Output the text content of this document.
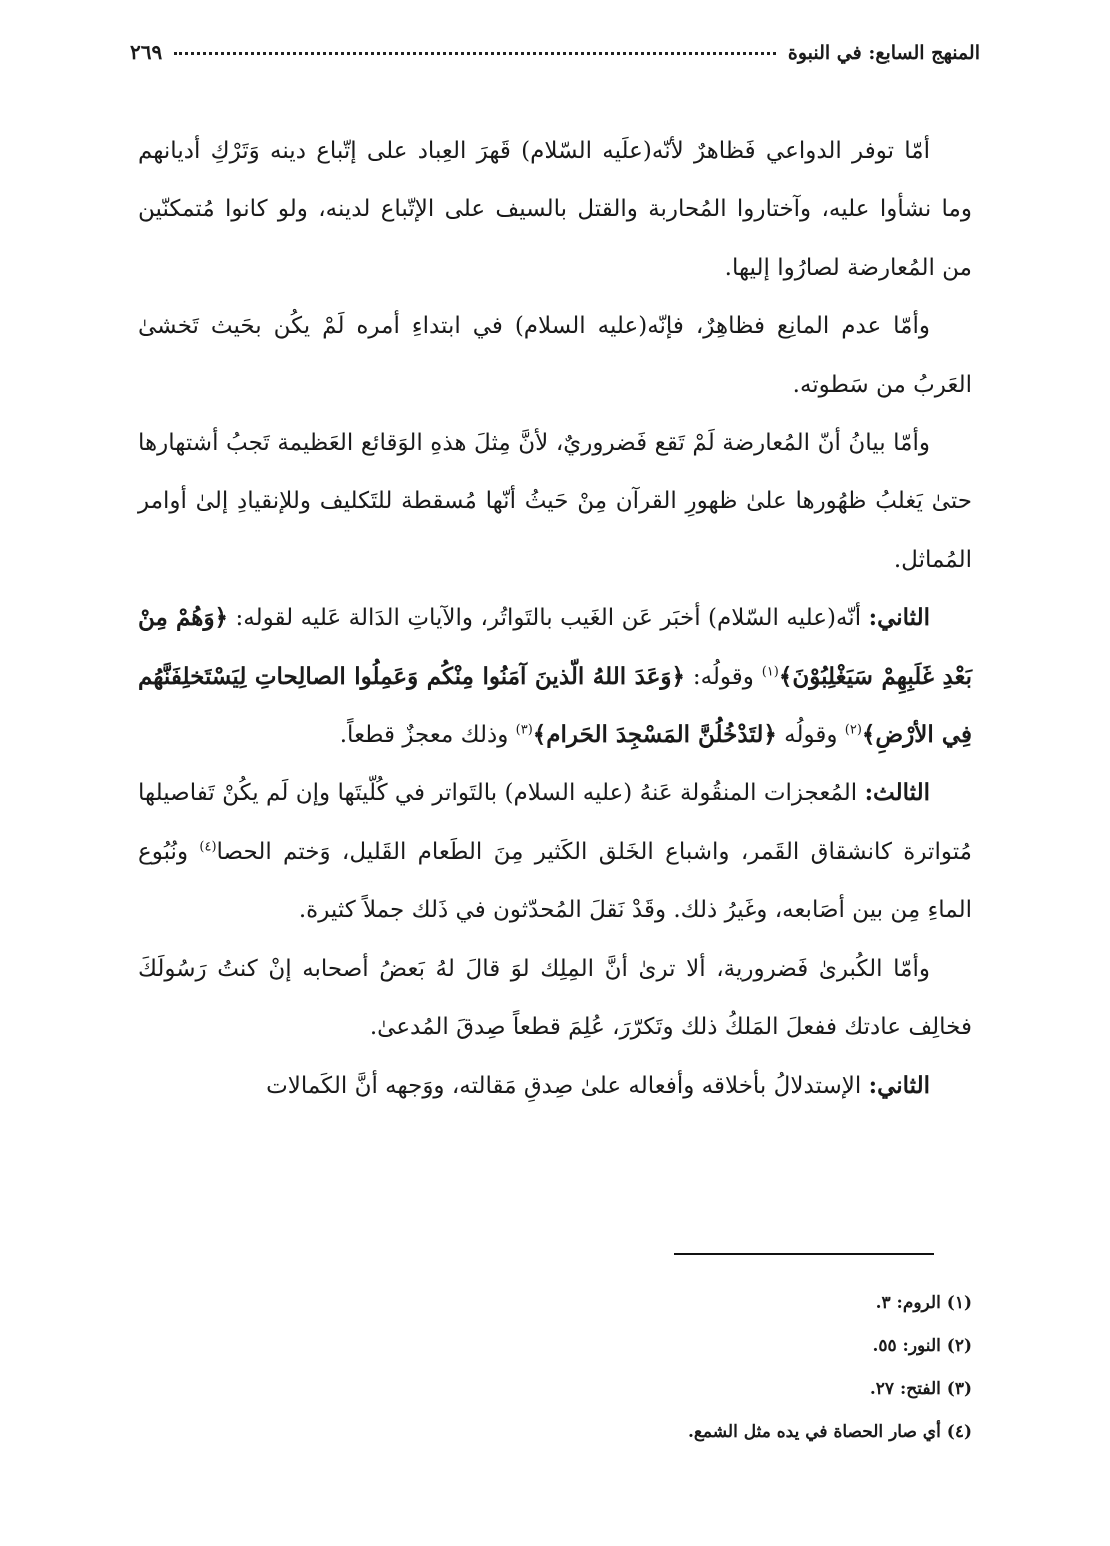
المنهج السابع: في النبوة
٢٦٩

أمّا توفر الدواعي فَظاهرٌ لأنّه(علَيه السّلام) قَهرَ العِباد على إتّباع دينه وَتَرْكِ أديانهم وما نشأوا عليه، وآختاروا المُحاربة والقتل بالسيف على الإتّباع لدينه، ولو كانوا مُتمكنّين من المُعارضة لصارُوا إليها.

وأمّا عدم المانِع فظاهِرٌ، فإنّه(عليه السلام) في ابتداءِ أمره لَمْ يكُن بحَيث تَخشىٰ العَربُ من سَطوته.

وأمّا بيانُ أنّ المُعارضة لَمْ تَقع فَضروريٌ، لأنَّ مِثلَ هذهِ الوَقائع العَظيمة تَجبُ أشتهارها حتىٰ يَغلبُ ظهُورها علىٰ ظهورِ القرآن مِنْ حَيثُ أنّها مُسقطة للتَكليف وللإنقيادِ إلىٰ أوامر المُماثل.

الثاني: أنّه(عليه السّلام) أخبَر عَن الغَيب بالتَواتُر، والآياتِ الدَالة عَليه لقوله: ﴿وَهُمْ مِنْ بَعْدِ غَلَبِهِمْ سَيَغْلِبُوْنَ﴾$^{(١)}$ وقولُه: ﴿وَعَدَ اللهُ الّذينَ آمَنُوا مِنْكُم وَعَمِلُوا الصالِحاتِ لِيَسْتَخلِفَنَّهُم فِي الأرْضِ﴾$^{(٢)}$ وقولُه ﴿لتَدْخُلُنَّ المَسْجِدَ الحَرام﴾$^{(٣)}$ وذلك معجزٌ قطعاً.

الثالث: المُعجزات المنقُولة عَنهُ (عليه السلام) بالتَواتر في كُلّيتَها وإن لَم يكُنْ تَفاصيلها مُتواترة كانشقاق القَمر، واشباع الخَلق الكَثير مِنَ الطَعام القَليل، وَختم الحصا$^{(٤)}$ ونُبُوع الماءِ مِن بين أصَابعه، وغَيرُ ذلك. وقَدْ نَقلَ المُحدّثون في ذَلك جملاً كثيرة.

وأمّا الكُبرىٰ فَضرورية، ألا ترىٰ أنَّ المِلِك لوَ قالَ لهُ بَعضُ أصحابه إنْ كنتُ رَسُولَكَ فخالِف عادتك ففعلَ المَلكُ ذلك وتَكرّرَ، عُلِمَ قطعاً صِدقَ المُدعىٰ.

الثاني: الإستدلالُ بأخلاقه وأفعاله علىٰ صِدقِ مَقالته، ووَجهه أنَّ الكَمالات

(١) الروم: ٣.
(٢) النور: ٥٥.
(٣) الفتح: ٢٧.
(٤) أي صار الحصاة في يده مثل الشمع.
